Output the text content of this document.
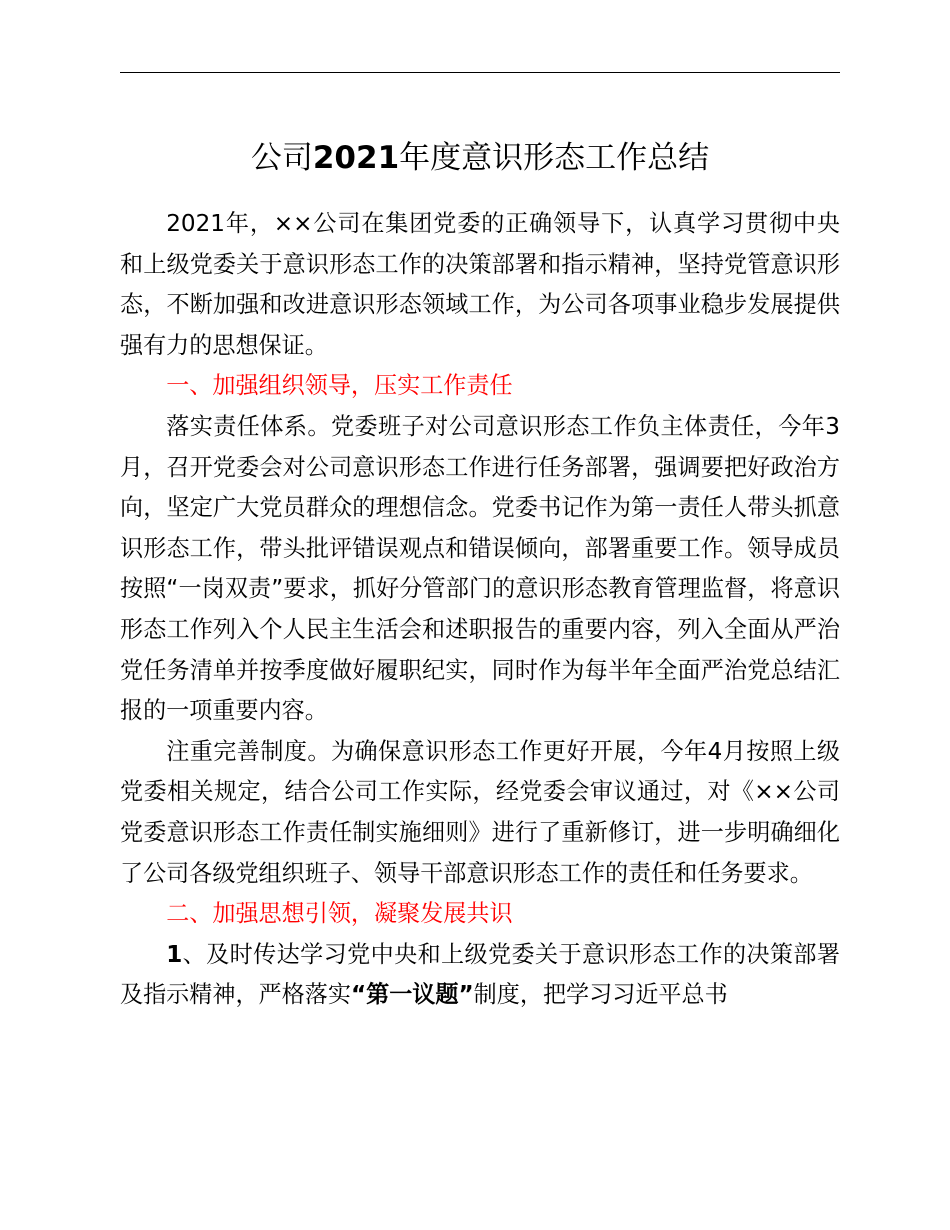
公司2021年度意识形态工作总结

2021年，××公司在集团党委的正确领导下，认真学习贯彻中央和上级党委关于意识形态工作的决策部署和指示精神，坚持党管意识形态，不断加强和改进意识形态领域工作，为公司各项事业稳步发展提供强有力的思想保证。

一、加强组织领导，压实工作责任

落实责任体系。党委班子对公司意识形态工作负主体责任，今年3月，召开党委会对公司意识形态工作进行任务部署，强调要把好政治方向，坚定广大党员群众的理想信念。党委书记作为第一责任人带头抓意识形态工作，带头批评错误观点和错误倾向，部署重要工作。领导成员按照“一岗双责”要求，抓好分管部门的意识形态教育管理监督，将意识形态工作列入个人民主生活会和述职报告的重要内容，列入全面从严治党任务清单并按季度做好履职纪实，同时作为每半年全面严治党总结汇报的一项重要内容。

注重完善制度。为确保意识形态工作更好开展，今年4月按照上级党委相关规定，结合公司工作实际，经党委会审议通过，对《××公司党委意识形态工作责任制实施细则》进行了重新修订，进一步明确细化了公司各级党组织班子、领导干部意识形态工作的责任和任务要求。

二、加强思想引领，凝聚发展共识

1、及时传达学习党中央和上级党委关于意识形态工作的决策部署及指示精神，严格落实“第一议题”制度，把学习习近平总书
